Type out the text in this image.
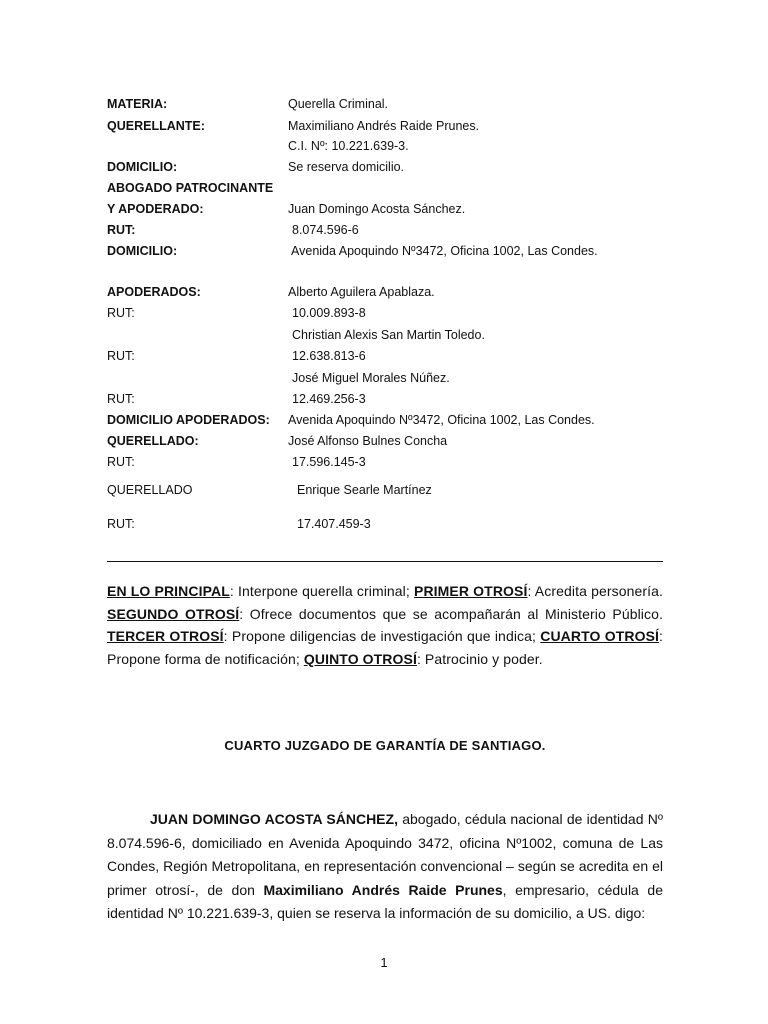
MATERIA:	Querella Criminal.
QUERELLANTE:	Maximiliano Andrés Raide Prunes.
C.I. Nº: 10.221.639-3.
DOMICILIO:	Se reserva domicilio.
ABOGADO PATROCINANTE
Y APODERADO:	Juan Domingo Acosta Sánchez.
RUT:	8.074.596-6
DOMICILIO:	Avenida Apoquindo Nº3472, Oficina 1002, Las Condes.
APODERADOS:	Alberto Aguilera Apablaza.
RUT:	10.009.893-8
Christian Alexis San Martin Toledo.
RUT:	12.638.813-6
José Miguel Morales Núñez.
RUT:	12.469.256-3
DOMICILIO APODERADOS: Avenida Apoquindo Nº3472, Oficina 1002, Las Condes.
QUERELLADO:	José Alfonso Bulnes Concha
RUT:	17.596.145-3
QUERELLADO	Enrique Searle Martínez
RUT:	17.407.459-3
EN LO PRINCIPAL: Interpone querella criminal; PRIMER OTROSÍ: Acredita personería. SEGUNDO OTROSÍ: Ofrece documentos que se acompañarán al Ministerio Público. TERCER OTROSÍ: Propone diligencias de investigación que indica; CUARTO OTROSÍ: Propone forma de notificación; QUINTO OTROSÍ: Patrocinio y poder.
CUARTO JUZGADO DE GARANTÍA DE SANTIAGO.
JUAN DOMINGO ACOSTA SÁNCHEZ, abogado, cédula nacional de identidad Nº 8.074.596-6, domiciliado en Avenida Apoquindo 3472, oficina Nº1002, comuna de Las Condes, Región Metropolitana, en representación convencional – según se acredita en el primer otrosí-, de don Maximiliano Andrés Raide Prunes, empresario, cédula de identidad Nº 10.221.639-3, quien se reserva la información de su domicilio, a US. digo:
1
